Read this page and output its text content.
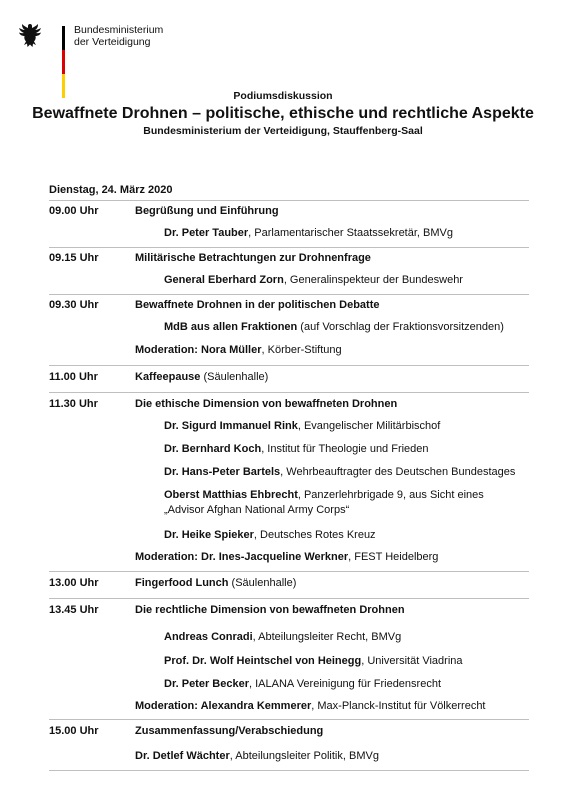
Bundesministerium
der Verteidigung
Podiumsdiskussion
Bewaffnete Drohnen – politische, ethische und rechtliche Aspekte
Bundesministerium der Verteidigung, Stauffenberg-Saal
Dienstag, 24. März 2020
09.00 Uhr	Begrüßung und Einführung
Dr. Peter Tauber, Parlamentarischer Staatssekretär, BMVg
09.15 Uhr	Militärische Betrachtungen zur Drohnenfrage
General Eberhard Zorn, Generalinspekteur der Bundeswehr
09.30 Uhr	Bewaffnete Drohnen in der politischen Debatte
MdB aus allen Fraktionen (auf Vorschlag der Fraktionsvorsitzenden)
Moderation: Nora Müller, Körber-Stiftung
11.00 Uhr	Kaffeepause (Säulenhalle)
11.30 Uhr	Die ethische Dimension von bewaffneten Drohnen
Dr. Sigurd Immanuel Rink, Evangelischer Militärbischof
Dr. Bernhard Koch, Institut für Theologie und Frieden
Dr. Hans-Peter Bartels, Wehrbeauftragter des Deutschen Bundestages
Oberst Matthias Ehbrecht, Panzerlehrbrigade 9, aus Sicht eines
„Advisor Afghan National Army Corps“
Dr. Heike Spieker, Deutsches Rotes Kreuz
Moderation: Dr. Ines-Jacqueline Werkner, FEST Heidelberg
13.00 Uhr	Fingerfood Lunch (Säulenhalle)
13.45 Uhr	Die rechtliche Dimension von bewaffneten Drohnen
Andreas Conradi, Abteilungsleiter Recht, BMVg
Prof. Dr. Wolf Heintschel von Heinegg, Universität Viadrina
Dr. Peter Becker, IALANA Vereinigung für Friedensrecht
Moderation: Alexandra Kemmerer, Max-Planck-Institut für Völkerrecht
15.00 Uhr	Zusammenfassung/Verabschiedung
Dr. Detlef Wächter, Abteilungsleiter Politik, BMVg
